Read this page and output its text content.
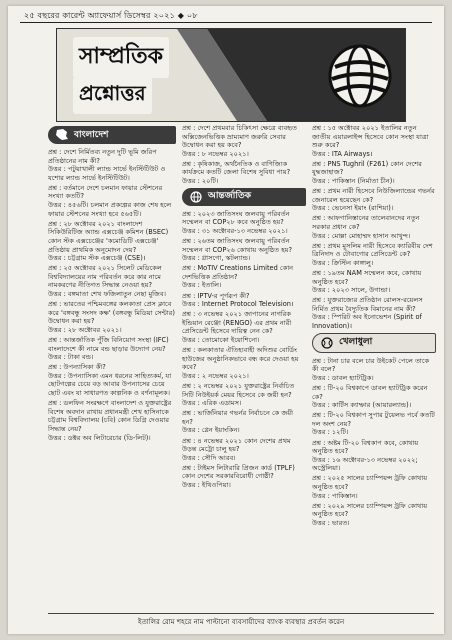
২৫ বছরের কারেন্ট অ্যাফেয়ার্স ডিসেম্বর ২০২১ ◆ ০৮
সাম্প্রতিক
প্রশ্নোত্তর
বাংলাদেশ
প্রশ্ন : দেশে নির্মিতব্য নতুন দুটি ভূমি জরিপ প্রতিষ্ঠানের নাম কী?
উত্তর : পটুয়াখালী ল্যান্ড সার্ভে ইনস্টিটিউট ও যশোর ল্যান্ড সার্ভে ইনস্টিটিউট।
প্রশ্ন : বর্তমানে দেশে চলমান ফায়ার স্টেশনের সংখ্যা কতটি?
উত্তর : ৪৫৬টি। চলমান প্রকল্পের কাজ শেষ হলে ফায়ার স্টেশনের সংখ্যা হবে ৫৬৫টি।
প্রশ্ন : ২৮ অক্টোবর ২০২১ বাংলাদেশ সিকিউরিটিজ অ্যান্ড এক্সচেঞ্জ কমিশন (BSEC) কোন স্টক এক্সচেঞ্জের 'কমোডিটি এক্সচেঞ্জ' প্রতিষ্ঠায় প্রাথমিক অনুমোদন দেয়?
উত্তর : চট্টগ্রাম স্টক এক্সচেঞ্জ (CSE)।
প্রশ্ন : ২৫ অক্টোবর ২০২১ সিলেট মেডিকেল বিশ্ববিদ্যালয়ের নাম পরিবর্তন করে কার নামে নামকরণের নীতিগত সিদ্ধান্ত নেওয়া হয়?
উত্তর : বঙ্গমাতা শেখ ফজিলাতুন নেছা মুজিব।
প্রশ্ন : ভারতের পশ্চিমবঙ্গের কলকাতা প্রেস ক্লাবে করে 'বঙ্গবন্ধু সংসদ কক্ষ' (বঙ্গবন্ধু মিডিয়া সেন্টার) উদ্বোধন করা হয়?
উত্তর : ২৮ অক্টোবর ২০২১।
প্রশ্ন : আন্তর্জাতিক পুঁজি বিনিয়োগ সংস্থা (IFC) বাংলাদেশে কী নামে বন্ড ছাড়ার উদ্যোগ নেয়?
উত্তর : টাকা বন্ড।
প্রশ্ন : উপন্যাসিকা কী?
উত্তর : উপন্যাসিকা এমন ধরনের সাহিত্যকর্ম, যা ছোটগল্পের চেয়ে বড় আবার উপন্যাসের চেয়ে ছোট এবং যা সাধারণত কাল্পনিক ও বর্ণনামূলক।
প্রশ্ন : ডলফিন সংরক্ষণে বাংলাদেশ ও যুক্তরাষ্ট্রের বিশেষ অবদান রাখায় প্রধানমন্ত্রী শেখ হাসিনাকে চট্টগ্রাম বিশ্ববিদ্যালয় (চবি) কোন ডিগ্রি দেওয়ার সিদ্ধান্ত নেয়?
উত্তর : ডক্টর অব লিটারেচার (ডি-লিট)।
প্রশ্ন : দেশে প্রথমবার চিকিৎসা ক্ষেত্রে ব্যবহৃত অক্সিজেনভিত্তিক ভ্রাম্যমাণ জরুরি সেবার উদ্বোধন করা হয় কবে?
উত্তর : ৮ নভেম্বর ২০২১।
প্রশ্ন : কৃষিকাজ, অর্থনৈতিক ও বাণিজ্যিক কার্যক্রমে কতটি জেলা বিশেষ সুবিধা পায়?
উত্তর : ২০টি।
আন্তর্জাতিক
প্রশ্ন : ২০২৩ জাতিসংঘ জলবায়ু পরিবর্তন সম্মেলন বা COP২৮ কবে অনুষ্ঠিত হয়?
উত্তর : ৩১ অক্টোবর-১৩ নভেম্বর ২০২১।
প্রশ্ন : ২৬তম জাতিসংঘ জলবায়ু পরিবর্তন সম্মেলন বা COP২৬ কোথায় অনুষ্ঠিত হয়?
উত্তর : গ্লাসগো, স্কটল্যান্ড।
প্রশ্ন : MoTIV Creations Limited কোন দেশভিত্তিক প্রতিষ্ঠান?
উত্তর : ইতালি।
প্রশ্ন : IPTV-র পূর্ণরূপ কী?
উত্তর : Internet Protocol Television।
প্রশ্ন : ৩ নভেম্বর ২০২১ জাপানের নাগরিক ইন্ডিয়ান রেঞ্জো (RENGO) এর প্রথম নারী প্রেসিডেন্ট হিসেবে দায়িত্ব নেন কে?
উত্তর : তোমোকো ইয়োশিনো।
প্রশ্ন : কলকাতার ঐতিহ্যবাহী অদিশুর বোর্ডিং হাউজের অনুষ্ঠানিকভাবে বন্ধ করে দেওয়া হয় কবে?
উত্তর : ২ নভেম্বর ২০২১।
প্রশ্ন : ২ নভেম্বর ২০২১ যুক্তরাষ্ট্রের নির্বাচিত সিটি নিউইয়র্ক মেয়র হিসেবে কে জয়ী হন?
উত্তর : এরিক এডামস।
প্রশ্ন : ভার্জিনিয়ার গভর্নর নির্বাচনে কে জয়ী হন?
উত্তর : গ্লেন ইয়াংকিন।
প্রশ্ন : ৪ নভেম্বর ২০২১ কোন দেশের প্রথম উড়ন্ত মেট্রো চালু হয়?
উত্তর : সৌদি আরব।
প্রশ্ন : টাইমস লিটারারি প্রিজন কার্ড (TPLF) কোন দেশের সরকারবিরোধী গোষ্ঠী?
উত্তর : ইথিওপিয়া।
প্রশ্ন : ১৫ অক্টোবর ২০২১ ইতালির নতুন জাতীয় এয়ারলাইন্স হিসেবে কোন সংস্থা যাত্রা শুরু করে?
উত্তর : ITA Airways।
প্রশ্ন : PNS Tughril (F261) কোন দেশের যুদ্ধজাহাজ?
উত্তর : পাকিস্তান (নির্মাতা চীন)।
প্রশ্ন : প্রথম নারী হিসেবে নিউজিল্যান্ডের গভর্নর জেনারেল হয়েছেন কে?
উত্তর : ভেনেসা ইয়াং (রাশিয়া)।
প্রশ্ন : আফগানিস্তানের তালেবানদের নতুন সরকার প্রধান কে?
উত্তর : মোল্লা মোহাম্মদ হাসান আখুন্দ।
প্রশ্ন : প্রথম মুসলিম নারী হিসেবে ক্যারিবীয় দেশ ত্রিনিদাদ ও টোবাগোর প্রেসিডেন্ট কে?
উত্তর : ক্রিস্টিন কাঙ্গালু।
প্রশ্ন : ১৯তম NAM সম্মেলন কবে, কোথায় অনুষ্ঠিত হবে?
উত্তর : ২০২৩ সালে, উগান্ডা।
প্রশ্ন : যুক্তরাজ্যের প্রতিষ্ঠান রোলস-রয়েলস নির্মিত প্রথম বৈদ্যুতিক বিমানের নাম কী?
উত্তর : স্পিরিট অব ইনোভেশন (Spirit of Innovation)।
খেলাধুলা
প্রশ্ন : টানা চার বলে চার উইকেট পেলে তাকে কী বলে?
উত্তর : ডাবল হ্যাটট্রিক।
প্রশ্ন : টি-২০ বিশ্বকাপে ডাবল হ্যাটট্রিক করেন কে?
উত্তর : কার্টিস ক্যাম্ফার (আয়ারল্যান্ড)।
প্রশ্ন : টি-২০ বিশ্বকাপ সুপার টুয়েলভ পর্বে কতটি দল অংশ নেয়?
উত্তর : ১২টি।
প্রশ্ন : অষ্টম টি-২০ বিশ্বকাপ কবে, কোথায় অনুষ্ঠিত হবে?
উত্তর : ১৬ অক্টোবর-১৩ নভেম্বর ২০২২; অস্ট্রেলিয়া।
প্রশ্ন : ২০২৫ সালের চ্যাম্পিয়ন্স ট্রফি কোথায় অনুষ্ঠিত হবে?
উত্তর : পাকিস্তান।
প্রশ্ন : ২০২৯ সালের চ্যাম্পিয়ন্স ট্রফি কোথায় অনুষ্ঠিত হবে?
উত্তর : ভারত।
ইতালির রোম শহরে নাম পাল্টানো ব্যবসায়ীদের ব্যাংক ব্যবস্থার প্রবর্তন করেন
